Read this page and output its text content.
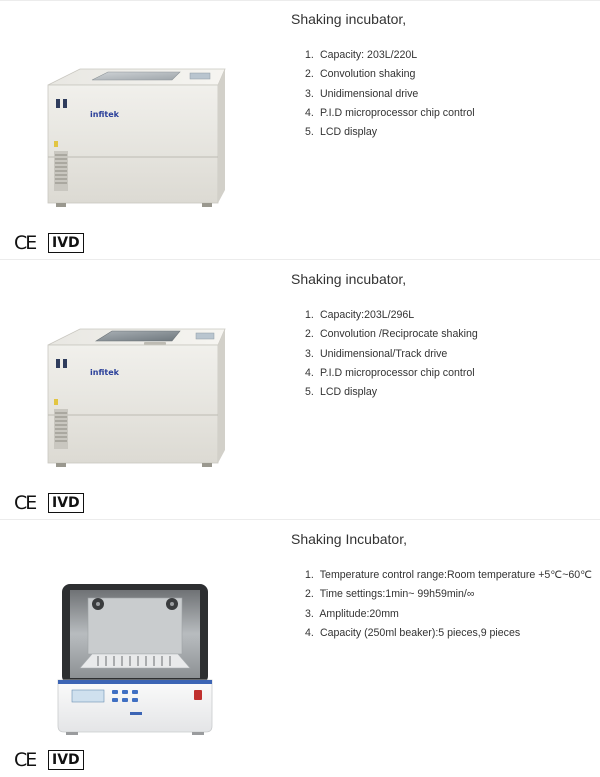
infitek
Shaking incubator,
1. Capacity: 203L/220L
2. Convolution shaking
3. Unidimensional drive
4. P.I.D microprocessor chip control
5. LCD display
CE	IVD
infitek
Shaking incubator,
1. Capacity:203L/296L
2. Convolution /Reciprocate shaking
3. Unidimensional/Track drive
4. P.I.D microprocessor chip control
5. LCD display
CE	IVD
Shaking Incubator,
1. Temperature control range:Room temperature +5℃~60℃
2. Time settings:1min~ 99h59min/∞
3. Amplitude:20mm
4. Capacity (250ml beaker):5 pieces,9 pieces
CE	IVD
